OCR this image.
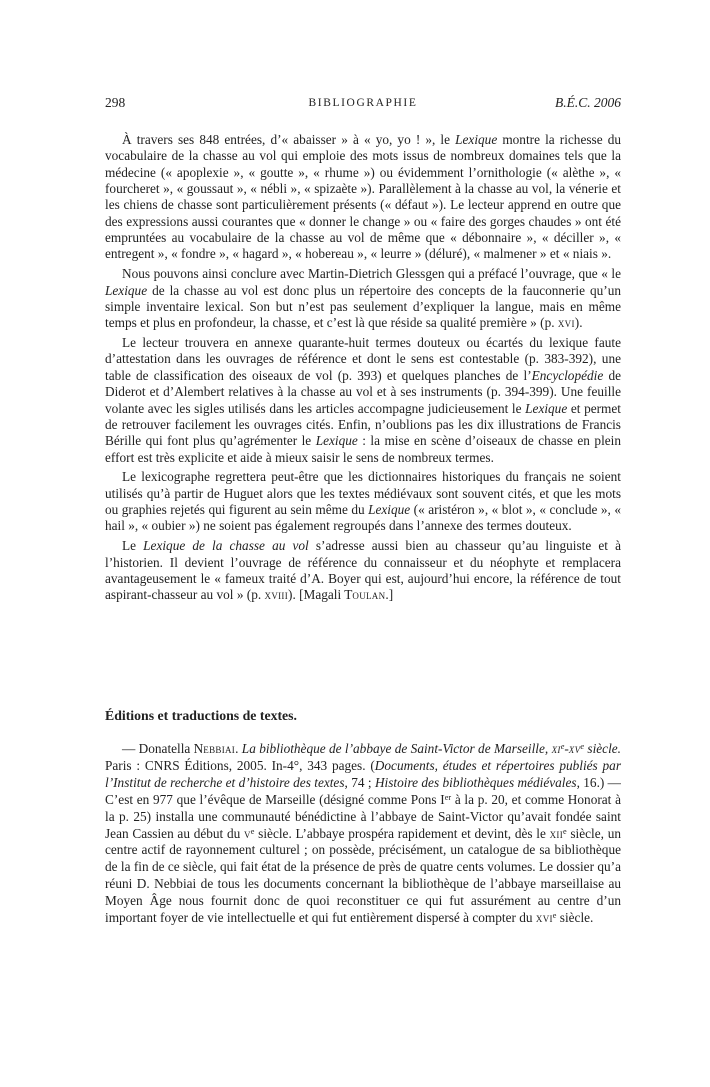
298	BIBLIOGRAPHIE	B.É.C. 2006

À travers ses 848 entrées, d’« abaisser » à « yo, yo ! », le Lexique montre la richesse du vocabulaire de la chasse au vol qui emploie des mots issus de nombreux domaines tels que la médecine (« apoplexie », « goutte », « rhume ») ou évidemment l’ornithologie (« alèthe », « fourcheret », « goussaut », « nébli », « spizaète »). Parallèlement à la chasse au vol, la vénerie et les chiens de chasse sont particulièrement présents (« défaut »). Le lecteur apprend en outre que des expressions aussi courantes que « donner le change » ou « faire des gorges chaudes » ont été empruntées au vocabulaire de la chasse au vol de même que « débonnaire », « déciller », « entregent », « fondre », « hagard », « hobereau », « leurre » (déluré), « malmener » et « niais ».

Nous pouvons ainsi conclure avec Martin-Dietrich Glessgen qui a préfacé l’ouvrage, que « le Lexique de la chasse au vol est donc plus un répertoire des concepts de la fauconnerie qu’un simple inventaire lexical. Son but n’est pas seulement d’expliquer la langue, mais en même temps et plus en profondeur, la chasse, et c’est là que réside sa qualité première » (p. xvi).

Le lecteur trouvera en annexe quarante-huit termes douteux ou écartés du lexique faute d’attestation dans les ouvrages de référence et dont le sens est contestable (p. 383-392), une table de classification des oiseaux de vol (p. 393) et quelques planches de l’Encyclopédie de Diderot et d’Alembert relatives à la chasse au vol et à ses instruments (p. 394-399). Une feuille volante avec les sigles utilisés dans les articles accompagne judicieusement le Lexique et permet de retrouver facilement les ouvrages cités. Enfin, n’oublions pas les dix illustrations de Francis Bérille qui font plus qu’agrémenter le Lexique : la mise en scène d’oiseaux de chasse en plein effort est très explicite et aide à mieux saisir le sens de nombreux termes.

Le lexicographe regrettera peut-être que les dictionnaires historiques du français ne soient utilisés qu’à partir de Huguet alors que les textes médiévaux sont souvent cités, et que les mots ou graphies rejetés qui figurent au sein même du Lexique (« aristéron », « blot », « conclude », « hail », « oubier ») ne soient pas également regroupés dans l’annexe des termes douteux.

Le Lexique de la chasse au vol s’adresse aussi bien au chasseur qu’au linguiste et à l’historien. Il devient l’ouvrage de référence du connaisseur et du néophyte et remplacera avantageusement le « fameux traité d’A. Boyer qui est, aujourd’hui encore, la référence de tout aspirant-chasseur au vol » (p. xviii). [Magali Toulan.]

Éditions et traductions de textes.

— Donatella Nebbiai. La bibliothèque de l’abbaye de Saint-Victor de Marseille, $xi^e-xv^e$ siècle. Paris : CNRS Éditions, 2005. In-4°, 343 pages. (Documents, études et répertoires publiés par l’Institut de recherche et d’histoire des textes, 74 ; Histoire des bibliothèques médiévales, 16.) — C’est en 977 que l’évêque de Marseille (désigné comme Pons Ier à la p. 20, et comme Honorat à la p. 25) installa une communauté bénédictine à l’abbaye de Saint-Victor qu’avait fondée saint Jean Cassien au début du $v^e$ siècle. L’abbaye prospéra rapidement et devint, dès le xii$^e$ siècle, un centre actif de rayonnement culturel ; on possède, précisément, un catalogue de sa bibliothèque de la fin de ce siècle, qui fait état de la présence de près de quatre cents volumes. Le dossier qu’a réuni D. Nebbiai de tous les documents concernant la bibliothèque de l’abbaye marseillaise au Moyen Âge nous fournit donc de quoi reconstituer ce qui fut assurément au centre d’un important foyer de vie intellectuelle et qui fut entièrement dispersé à compter du xvi$^e$ siècle.
